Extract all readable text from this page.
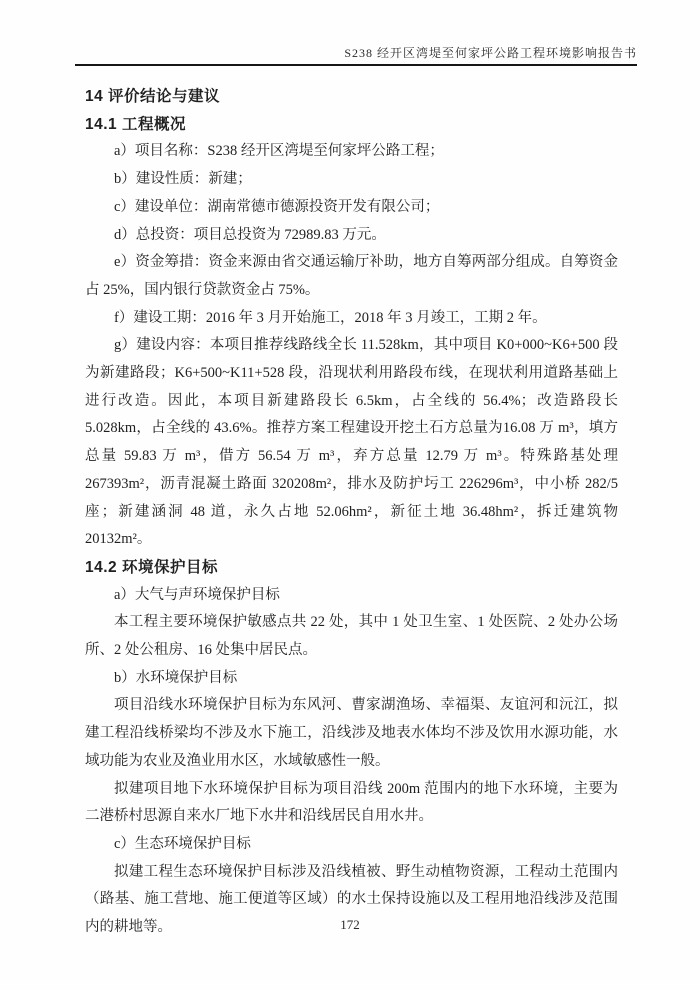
S238 经开区湾堤至何家坪公路工程环境影响报告书
14 评价结论与建议
14.1 工程概况

a）项目名称：S238 经开区湾堤至何家坪公路工程；

b）建设性质：新建；

c）建设单位：湖南常德市德源投资开发有限公司；

d）总投资：项目总投资为 72989.83 万元。

e）资金筹措：资金来源由省交通运输厅补助，地方自筹两部分组成。自筹资金占 25%，国内银行贷款资金占 75%。

f）建设工期：2016 年 3 月开始施工，2018 年 3 月竣工，工期 2 年。

g）建设内容：本项目推荐线路线全长 11.528km，其中项目 K0+000~K6+500 段为新建路段；K6+500~K11+528 段，沿现状利用路段布线，在现状利用道路基础上进行改造。因此，本项目新建路段长 6.5km，占全线的 56.4%；改造路段长 5.028km，占全线的 43.6%。推荐方案工程建设开挖土石方总量为16.08 万 m³，填方总量 59.83 万 m³，借方 56.54 万 m³，弃方总量 12.79 万 m³。特殊路基处理 267393m²，沥青混凝土路面 320208m²，排水及防护圬工 226296m³，中小桥 282/5 座；新建涵洞 48 道，永久占地 52.06hm²，新征土地 36.48hm²，拆迁建筑物 20132m²。

14.2 环境保护目标

a）大气与声环境保护目标

本工程主要环境保护敏感点共 22 处，其中 1 处卫生室、1 处医院、2 处办公场所、2 处公租房、16 处集中居民点。

b）水环境保护目标

项目沿线水环境保护目标为东风河、曹家湖渔场、幸福渠、友谊河和沅江，拟建工程沿线桥梁均不涉及水下施工，沿线涉及地表水体均不涉及饮用水源功能，水域功能为农业及渔业用水区，水域敏感性一般。

拟建项目地下水环境保护目标为项目沿线 200m 范围内的地下水环境，主要为二港桥村思源自来水厂地下水井和沿线居民自用水井。

c）生态环境保护目标

拟建工程生态环境保护目标涉及沿线植被、野生动植物资源，工程动土范围内（路基、施工营地、施工便道等区域）的水土保持设施以及工程用地沿线涉及范围内的耕地等。	172
